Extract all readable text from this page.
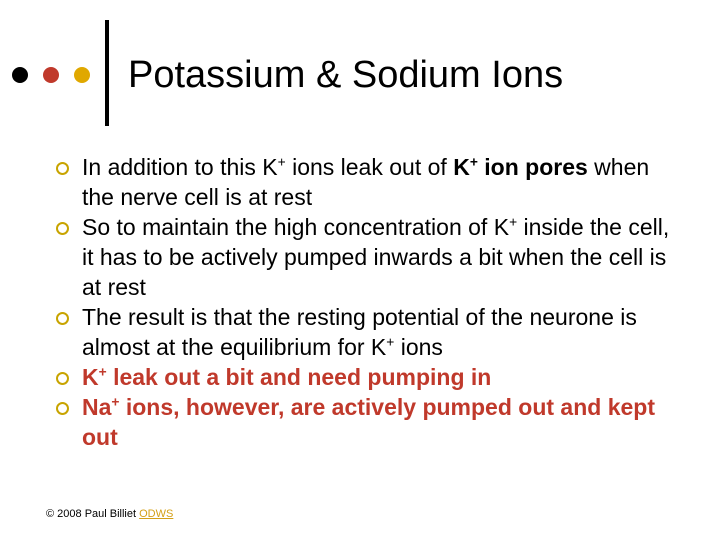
Potassium & Sodium Ions
In addition to this K+ ions leak out of K+ ion pores when the nerve cell is at rest
So to maintain the high concentration of K+ inside the cell, it has to be actively pumped inwards a bit when the cell is at rest
The result is that the resting potential of the neurone is almost at the equilibrium for K+ ions
K+ leak out a bit and need pumping in
Na+ ions, however, are actively pumped out and kept out
© 2008 Paul Billiet ODWS
